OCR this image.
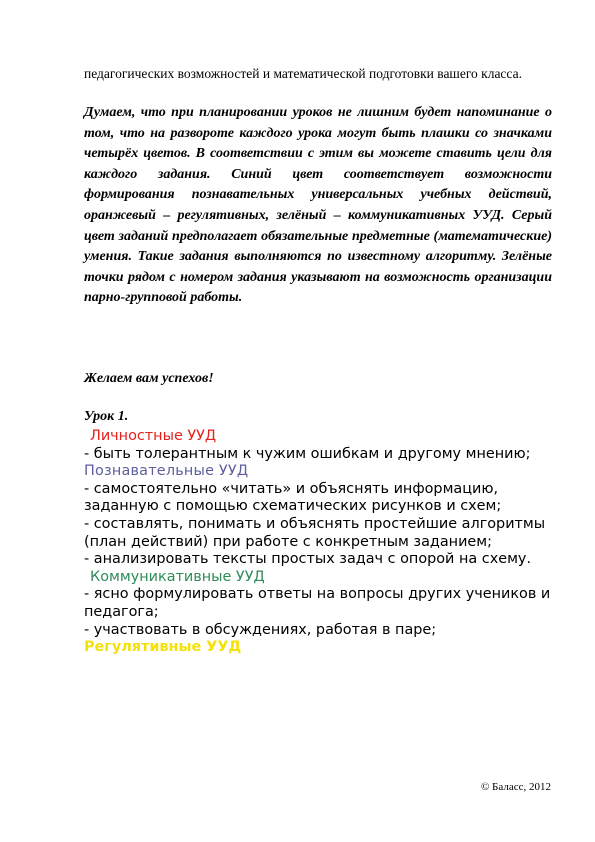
педагогических возможностей и математической подготовки вашего класса.

Думаем, что при планировании уроков не лишним будет напоминание о том, что на развороте каждого урока могут быть плашки со значками четырёх цветов. В соответствии с этим вы можете ставить цели для каждого задания. Синий цвет соответствует возможности формирования познавательных универсальных учебных действий, оранжевый – регулятивных, зелёный – коммуникативных УУД. Серый цвет заданий предполагает обязательные предметные (математические) умения. Такие задания выполняются по известному алгоритму. Зелёные точки рядом с номером задания указывают на возможность организации парно-групповой работы.

Желаем вам успехов!

Урок 1.

Личностные УУД
- быть толерантным к чужим ошибкам и другому мнению;
Познавательные УУД
- самостоятельно «читать» и объяснять информацию, заданную с помощью схематических рисунков и схем;
- составлять, понимать и объяснять простейшие алгоритмы (план действий) при работе с конкретным заданием;
- анализировать тексты простых задач с опорой на схему.
Коммуникативные УУД
- ясно формулировать ответы на вопросы других учеников и педагога;
- участвовать в обсуждениях, работая в паре;
Регулятивные УУД

© Баласс, 2012
